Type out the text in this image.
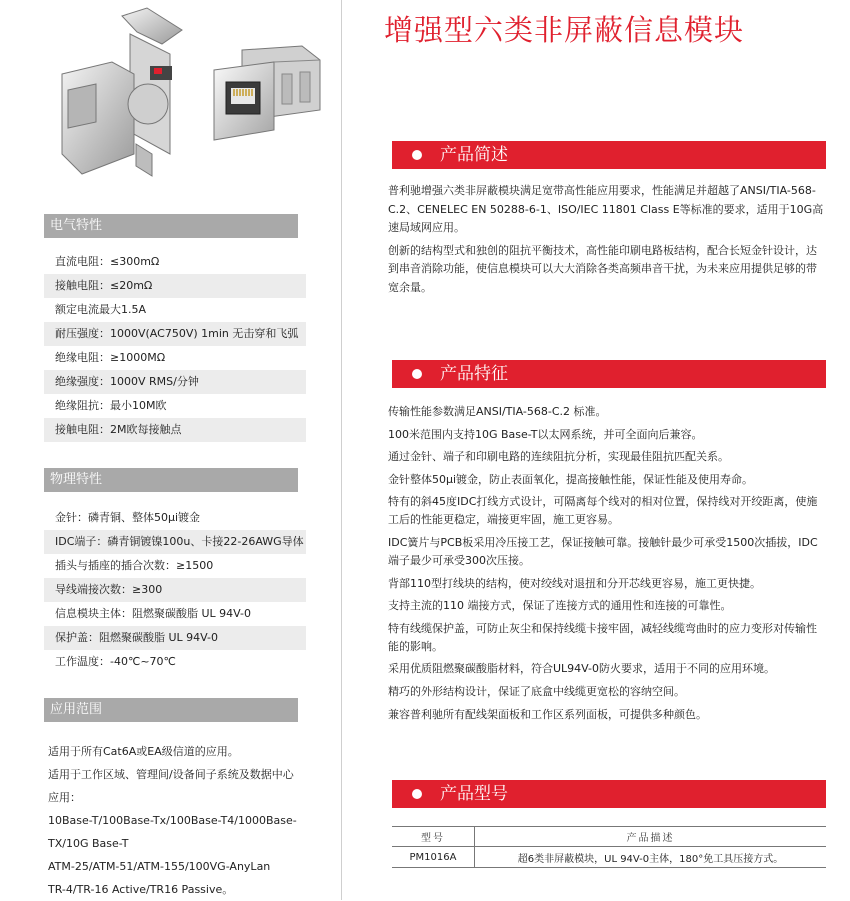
电气特性
直流电阻：≤300mΩ
接触电阻：≤20mΩ
额定电流最大1.5A
耐压强度：1000V(AC750V) 1min 无击穿和飞弧
绝缘电阻：≥1000MΩ
绝缘强度：1000V RMS/分钟
绝缘阻抗：最小10M欧
接触电阻：2M欧每接触点
物理特性
金针：磷青铜、整体50μi镀金
IDC端子：磷青铜镀镍100u、卡接22-26AWG导体
插头与插座的插合次数：≥1500
导线端接次数：≥300
信息模块主体：阻燃聚碳酸脂 UL 94V-0
保护盖：阻燃聚碳酸脂 UL 94V-0
工作温度：-40℃~70℃
应用范围

适用于所有Cat6A或EA级信道的应用。

适用于工作区域、管理间/设备间子系统及数据中心应用：

10Base-T/100Base-Tx/100Base-T4/1000Base-TX/10G Base-T

ATM-25/ATM-51/ATM-155/100VG-AnyLan

TR-4/TR-16 Active/TR16 Passive。

增强型六类非屏蔽信息模块
产品简述

普利驰增强六类非屏蔽模块满足宽带高性能应用要求，性能满足并超越了ANSI/TIA-568-C.2、CENELEC EN 50288-6-1、ISO/IEC 11801 Class E等标准的要求，适用于10G高速局域网应用。

创新的结构型式和独创的阻抗平衡技术，高性能印刷电路板结构，配合长短金针设计，达到串音消除功能，使信息模块可以大大消除各类高频串音干扰，为未来应用提供足够的带宽余量。

产品特征

传输性能参数满足ANSI/TIA-568-C.2 标准。

100米范围内支持10G Base-T以太网系统，并可全面向后兼容。

通过金针、端子和印刷电路的连续阻抗分析，实现最佳阻抗匹配关系。

金针整体50μi镀金，防止表面氧化，提高接触性能，保证性能及使用寿命。

特有的斜45度IDC打线方式设计，可隔离每个线对的相对位置，保持线对开绞距离，使施工后的性能更稳定，端接更牢固，施工更容易。

IDC簧片与PCB板采用冷压接工艺，保证接触可靠。接触针最少可承受1500次插拔，IDC端子最少可承受300次压接。

背部110型打线块的结构，使对绞线对退扭和分开芯线更容易，施工更快捷。

支持主流的110 端接方式，保证了连接方式的通用性和连接的可靠性。

特有线缆保护盖，可防止灰尘和保持线缆卡接牢固，减轻线缆弯曲时的应力变形对传输性能的影响。

采用优质阻燃聚碳酸脂材料，符合UL94V-0防火要求，适用于不同的应用环境。

精巧的外形结构设计，保证了底盒中线缆更宽松的容纳空间。

兼容普利驰所有配线架面板和工作区系列面板，可提供多种颜色。

产品型号
型号	产品描述
PM1016A	超6类非屏蔽模块，UL 94V-0主体，180°免工具压接方式。
